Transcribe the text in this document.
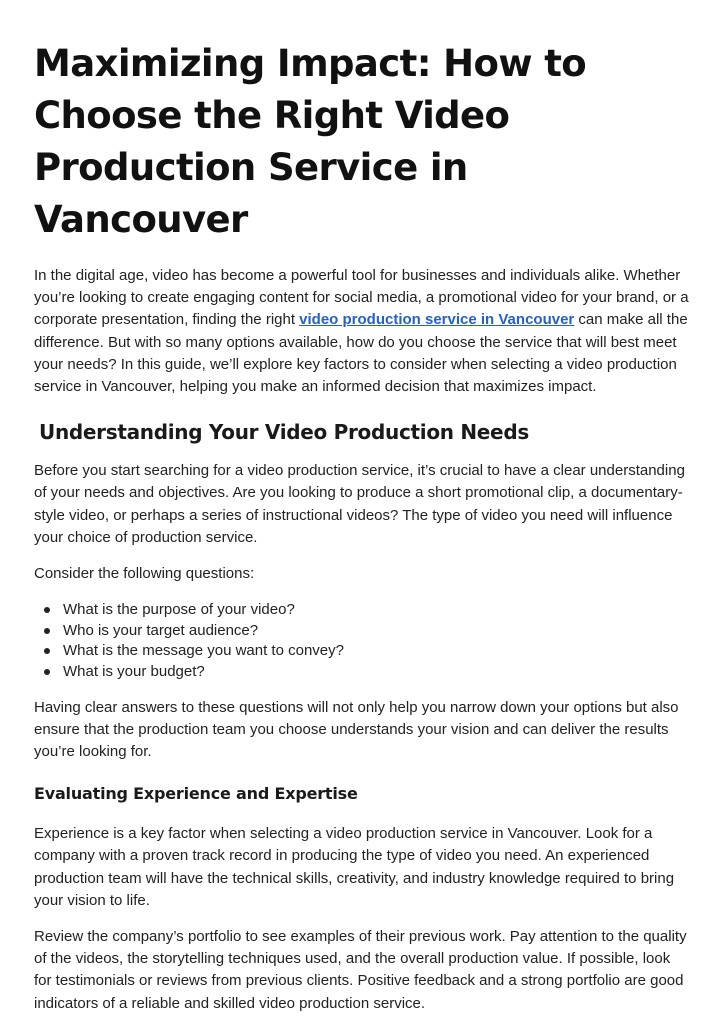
Maximizing Impact: How to Choose the Right Video Production Service in Vancouver

In the digital age, video has become a powerful tool for businesses and individuals alike. Whether you’re looking to create engaging content for social media, a promotional video for your brand, or a corporate presentation, finding the right video production service in Vancouver can make all the difference. But with so many options available, how do you choose the service that will best meet your needs? In this guide, we’ll explore key factors to consider when selecting a video production service in Vancouver, helping you make an informed decision that maximizes impact.

Understanding Your Video Production Needs

Before you start searching for a video production service, it’s crucial to have a clear understanding of your needs and objectives. Are you looking to produce a short promotional clip, a documentary-style video, or perhaps a series of instructional videos? The type of video you need will influence your choice of production service.

Consider the following questions:

What is the purpose of your video?
Who is your target audience?
What is the message you want to convey?
What is your budget?

Having clear answers to these questions will not only help you narrow down your options but also ensure that the production team you choose understands your vision and can deliver the results you’re looking for.

Evaluating Experience and Expertise

Experience is a key factor when selecting a video production service in Vancouver. Look for a company with a proven track record in producing the type of video you need. An experienced production team will have the technical skills, creativity, and industry knowledge required to bring your vision to life.

Review the company’s portfolio to see examples of their previous work. Pay attention to the quality of the videos, the storytelling techniques used, and the overall production value. If possible, look for testimonials or reviews from previous clients. Positive feedback and a strong portfolio are good indicators of a reliable and skilled video production service.
